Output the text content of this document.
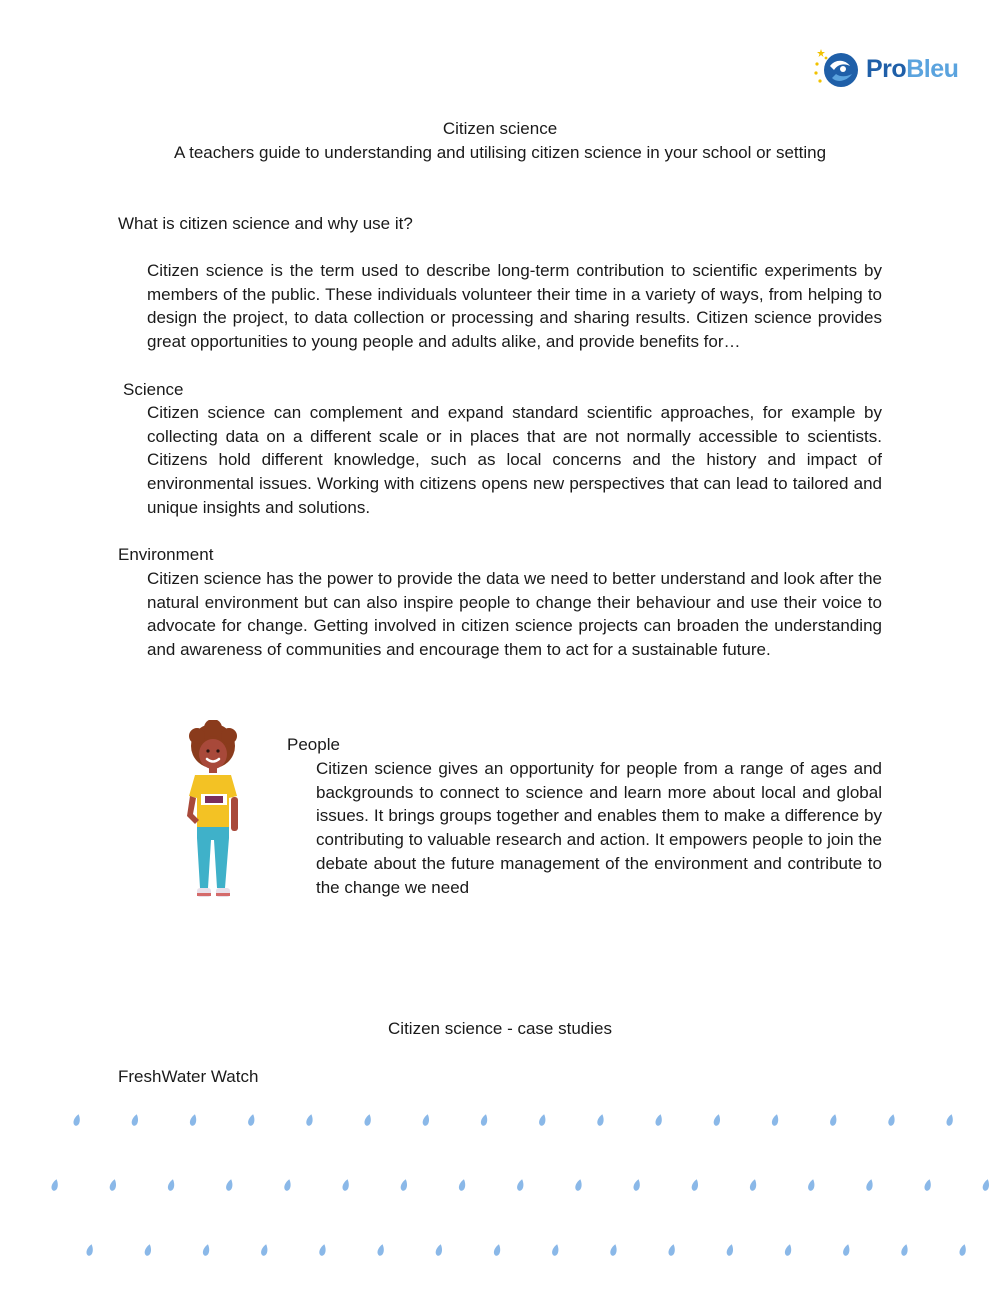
ProBleu
Citizen science
A teachers guide to understanding and utilising citizen science in your school or setting
What is citizen science and why use it?

Citizen science is the term used to describe long-term contribution to scientific experiments by members of the public. These individuals volunteer their time in a variety of ways, from helping to design the project, to data collection or processing and sharing results. Citizen science provides great opportunities to young people and adults alike, and provide benefits for…

Science

Citizen science can complement and expand standard scientific approaches, for example by collecting data on a different scale or in places that are not normally accessible to scientists. Citizens hold different knowledge, such as local concerns and the history and impact of environmental issues. Working with citizens opens new perspectives that can lead to tailored and unique insights and solutions.

Environment

Citizen science has the power to provide the data we need to better understand and look after the natural environment but can also inspire people to change their behaviour and use their voice to advocate for change. Getting involved in citizen science projects can broaden the understanding and awareness of communities and encourage them to act for a sustainable future.

People

Citizen science gives an opportunity for people from a range of ages and backgrounds to connect to science and learn more about local and global issues. It brings groups together and enables them to make a difference by contributing to valuable research and action. It empowers people to join the debate about the future management of the environment and contribute to the change we need

Citizen science - case studies
FreshWater Watch
